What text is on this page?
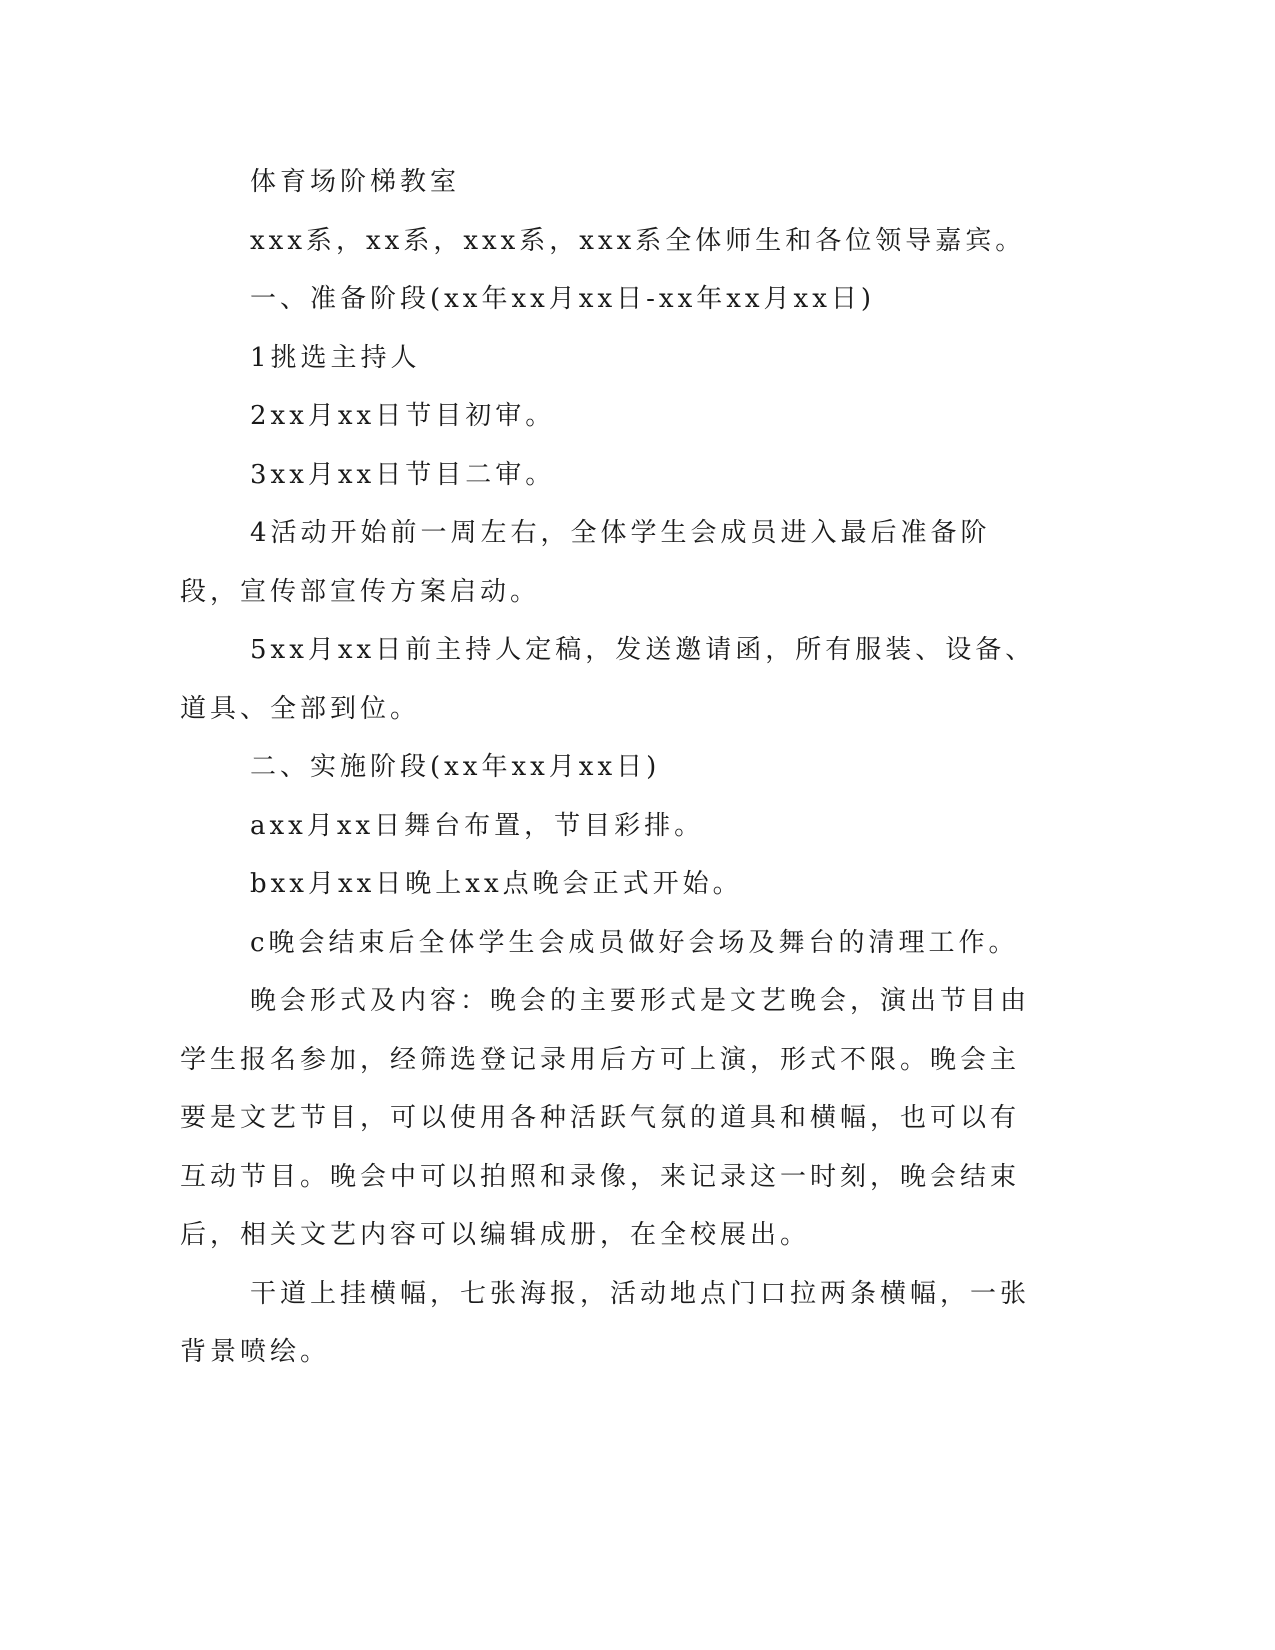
体育场阶梯教室

xxx系，xx系，xxx系，xxx系全体师生和各位领导嘉宾。

一、准备阶段(xx年xx月xx日-xx年xx月xx日)

1挑选主持人

2xx月xx日节目初审。

3xx月xx日节目二审。

4活动开始前一周左右，全体学生会成员进入最后准备阶段，宣传部宣传方案启动。

5xx月xx日前主持人定稿，发送邀请函，所有服装、设备、道具、全部到位。

二、实施阶段(xx年xx月xx日)

axx月xx日舞台布置，节目彩排。

bxx月xx日晚上xx点晚会正式开始。

c晚会结束后全体学生会成员做好会场及舞台的清理工作。

晚会形式及内容：晚会的主要形式是文艺晚会，演出节目由学生报名参加，经筛选登记录用后方可上演，形式不限。晚会主要是文艺节目，可以使用各种活跃气氛的道具和横幅，也可以有互动节目。晚会中可以拍照和录像，来记录这一时刻，晚会结束后，相关文艺内容可以编辑成册，在全校展出。

干道上挂横幅，七张海报，活动地点门口拉两条横幅，一张背景喷绘。
